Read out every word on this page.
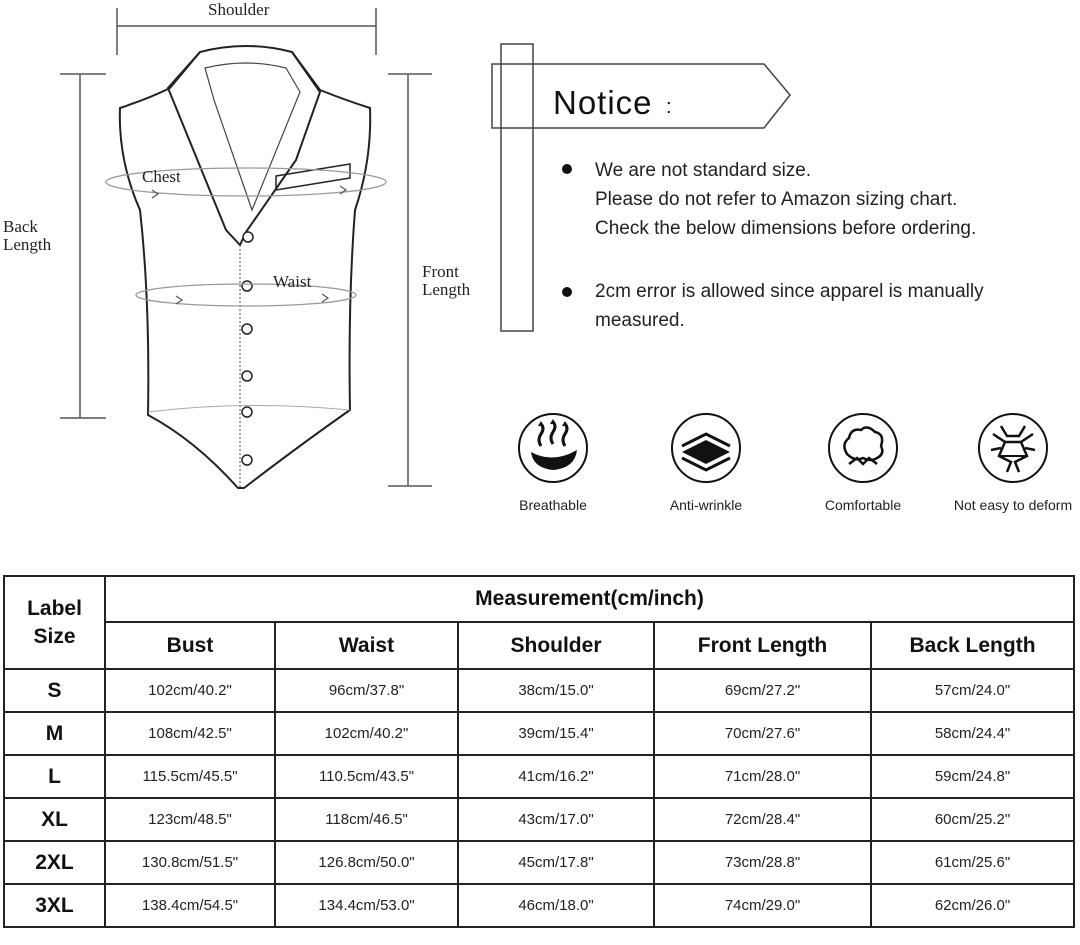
Shoulder
Chest
Waist
Back
Length
Front
Length
Notice :
We are not standard size.
Please do not refer to Amazon sizing chart.
Check the below dimensions before ordering.
2cm error is allowed since apparel is manually
measured.
Breathable	Anti-wrinkle	Comfortable	Not easy to deform
Label
Size	Measurement(cm/inch)				
	Bust	Waist	Shoulder	Front Length	Back Length
S	102cm/40.2"	96cm/37.8"	38cm/15.0"	69cm/27.2"	57cm/24.0"
M	108cm/42.5"	102cm/40.2"	39cm/15.4"	70cm/27.6"	58cm/24.4"
L	115.5cm/45.5"	110.5cm/43.5"	41cm/16.2"	71cm/28.0"	59cm/24.8"
XL	123cm/48.5"	118cm/46.5"	43cm/17.0"	72cm/28.4"	60cm/25.2"
2XL	130.8cm/51.5"	126.8cm/50.0"	45cm/17.8"	73cm/28.8"	61cm/25.6"
3XL	138.4cm/54.5"	134.4cm/53.0"	46cm/18.0"	74cm/29.0"	62cm/26.0"
